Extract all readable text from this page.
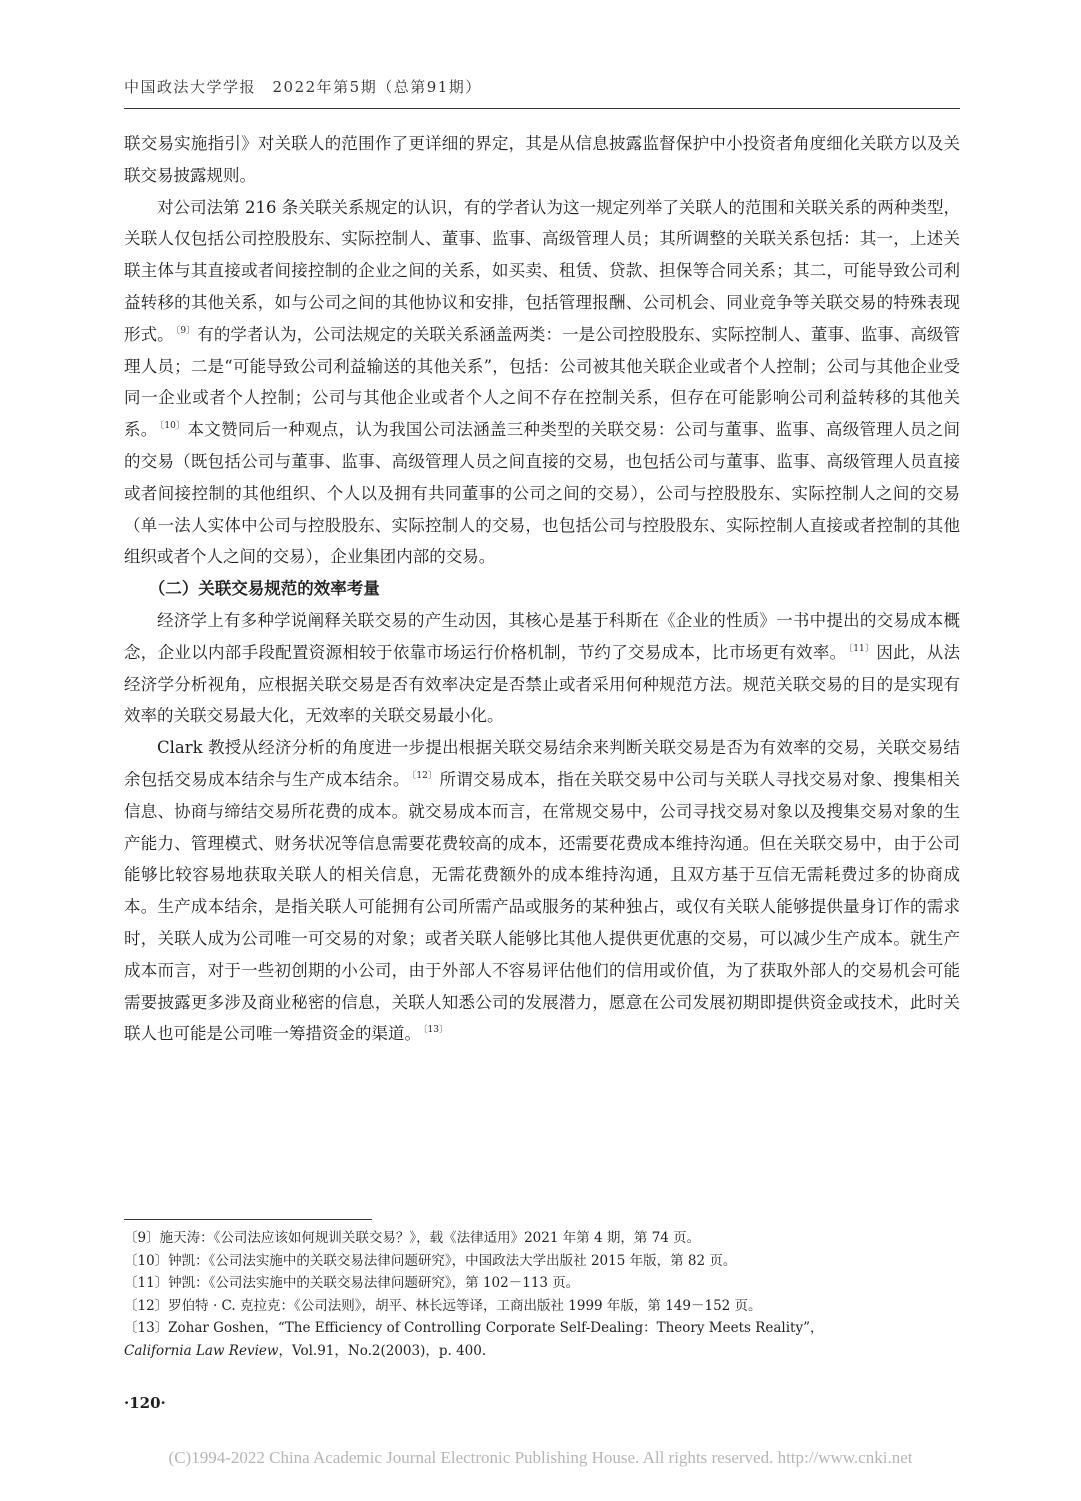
中国政法大学学报　2022年第5期（总第91期）

联交易实施指引》对关联人的范围作了更详细的界定，其是从信息披露监督保护中小投资者角度细化关联方以及关联交易披露规则。

对公司法第 216 条关联关系规定的认识，有的学者认为这一规定列举了关联人的范围和关联关系的两种类型，关联人仅包括公司控股股东、实际控制人、董事、监事、高级管理人员；其所调整的关联关系包括：其一，上述关联主体与其直接或者间接控制的企业之间的关系，如买卖、租赁、贷款、担保等合同关系；其二，可能导致公司利益转移的其他关系，如与公司之间的其他协议和安排，包括管理报酬、公司机会、同业竞争等关联交易的特殊表现形式。 $^{〔9〕}$ 有的学者认为，公司法规定的关联关系涵盖两类：一是公司控股股东、实际控制人、董事、监事、高级管理人员；二是“可能导致公司利益输送的其他关系”，包括：公司被其他关联企业或者个人控制；公司与其他企业受同一企业或者个人控制；公司与其他企业或者个人之间不存在控制关系，但存在可能影响公司利益转移的其他关系。 $^{〔10〕}$ 本文赞同后一种观点，认为我国公司法涵盖三种类型的关联交易：公司与董事、监事、高级管理人员之间的交易（既包括公司与董事、监事、高级管理人员之间直接的交易，也包括公司与董事、监事、高级管理人员直接或者间接控制的其他组织、个人以及拥有共同董事的公司之间的交易），公司与控股股东、实际控制人之间的交易（单一法人实体中公司与控股股东、实际控制人的交易，也包括公司与控股股东、实际控制人直接或者控制的其他组织或者个人之间的交易），企业集团内部的交易。

（二）关联交易规范的效率考量

经济学上有多种学说阐释关联交易的产生动因，其核心是基于科斯在《企业的性质》一书中提出的交易成本概念，企业以内部手段配置资源相较于依靠市场运行价格机制，节约了交易成本，比市场更有效率。 $^{〔11〕}$ 因此，从法经济学分析视角，应根据关联交易是否有效率决定是否禁止或者采用何种规范方法。规范关联交易的目的是实现有效率的关联交易最大化，无效率的关联交易最小化。

Clark 教授从经济分析的角度进一步提出根据关联交易结余来判断关联交易是否为有效率的交易，关联交易结余包括交易成本结余与生产成本结余。 $^{〔12〕}$ 所谓交易成本，指在关联交易中公司与关联人寻找交易对象、搜集相关信息、协商与缔结交易所花费的成本。就交易成本而言，在常规交易中，公司寻找交易对象以及搜集交易对象的生产能力、管理模式、财务状况等信息需要花费较高的成本，还需要花费成本维持沟通。但在关联交易中，由于公司能够比较容易地获取关联人的相关信息，无需花费额外的成本维持沟通，且双方基于互信无需耗费过多的协商成本。生产成本结余，是指关联人可能拥有公司所需产品或服务的某种独占，或仅有关联人能够提供量身订作的需求时，关联人成为公司唯一可交易的对象；或者关联人能够比其他人提供更优惠的交易，可以减少生产成本。就生产成本而言，对于一些初创期的小公司，由于外部人不容易评估他们的信用或价值，为了获取外部人的交易机会可能需要披露更多涉及商业秘密的信息，关联人知悉公司的发展潜力，愿意在公司发展初期即提供资金或技术，此时关联人也可能是公司唯一筹措资金的渠道。 $^{〔13〕}$

〔9〕施天涛：《公司法应该如何规训关联交易？》，载《法律适用》2021 年第 4 期，第 74 页。

〔10〕钟凯：《公司法实施中的关联交易法律问题研究》，中国政法大学出版社 2015 年版，第 82 页。

〔11〕钟凯：《公司法实施中的关联交易法律问题研究》，第 102－113 页。

〔12〕罗伯特 · C. 克拉克：《公司法则》，胡平、林长远等译，工商出版社 1999 年版，第 149－152 页。

〔13〕Zohar Goshen，“The Efficiency of Controlling Corporate Self-Dealing：Theory Meets Reality”，
California Law Review，Vol.91，No.2(2003)，p. 400.

·120·
(C)1994-2022 China Academic Journal Electronic Publishing House. All rights reserved. http://www.cnki.net
